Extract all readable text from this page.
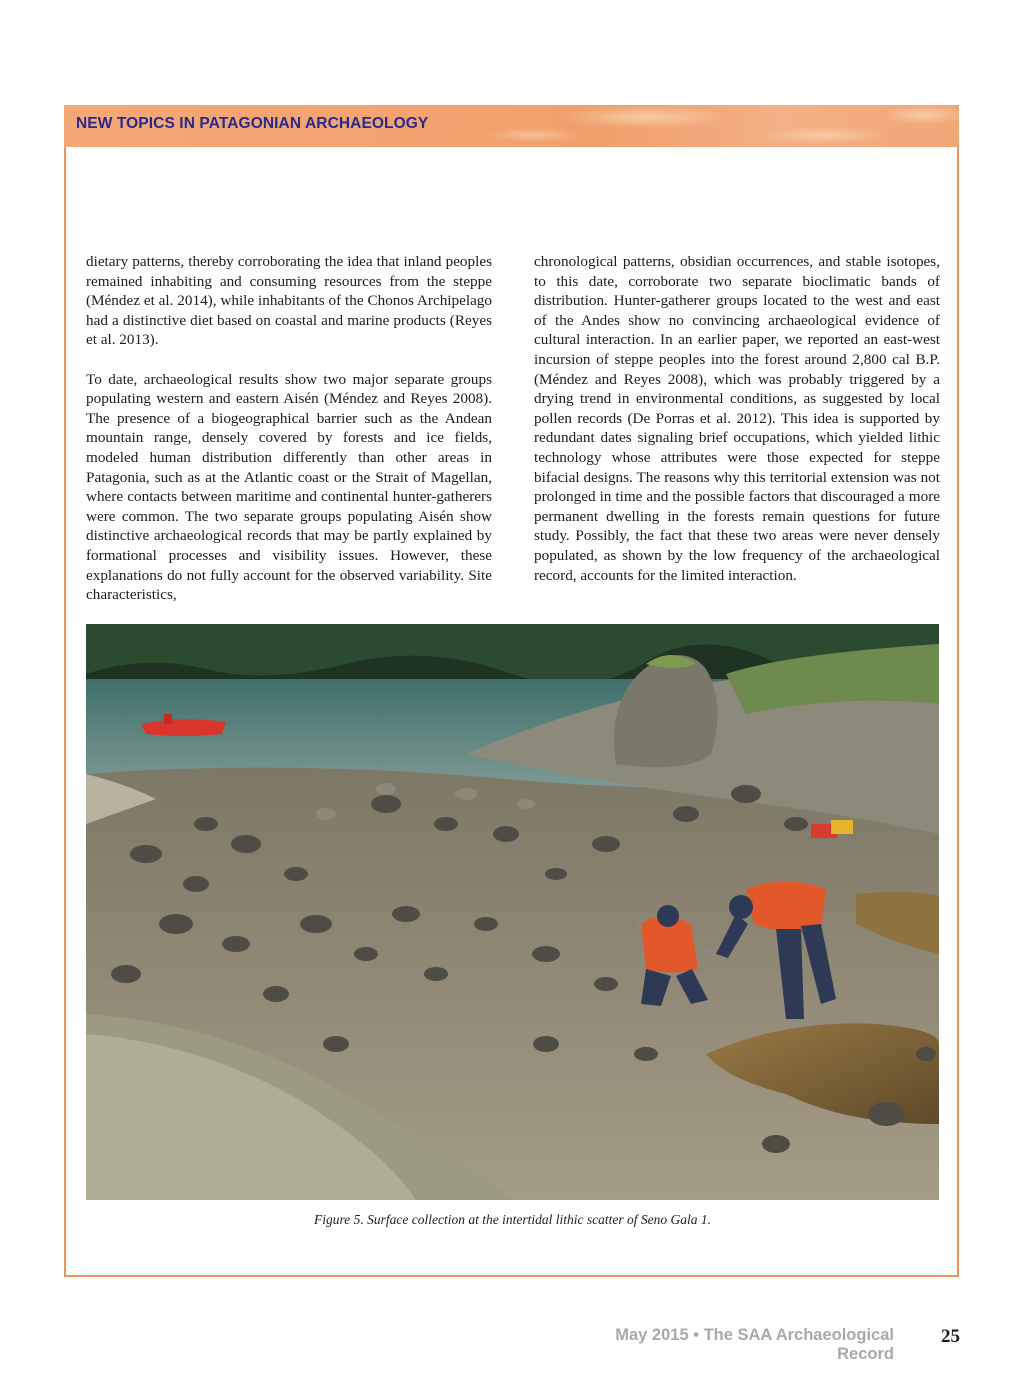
NEW TOPICS IN PATAGONIAN ARCHAEOLOGY

dietary patterns, thereby corroborating the idea that inland peoples remained inhabiting and consuming resources from the steppe (Méndez et al. 2014), while inhabitants of the Chonos Archipelago had a distinctive diet based on coastal and marine products (Reyes et al. 2013).

To date, archaeological results show two major separate groups populating western and eastern Aisén (Méndez and Reyes 2008). The presence of a biogeographical barrier such as the Andean mountain range, densely covered by forests and ice fields, modeled human distribution differently than other areas in Patagonia, such as at the Atlantic coast or the Strait of Magellan, where contacts between maritime and continental hunter-gatherers were common. The two separate groups populating Aisén show distinctive archaeological records that may be partly explained by formational processes and visibility issues. However, these explanations do not fully account for the observed variability. Site characteristics,

chronological patterns, obsidian occurrences, and stable isotopes, to this date, corroborate two separate bioclimatic bands of distribution. Hunter-gatherer groups located to the west and east of the Andes show no convincing archaeological evidence of cultural interaction. In an earlier paper, we reported an east-west incursion of steppe peoples into the forest around 2,800 cal B.P. (Méndez and Reyes 2008), which was probably triggered by a drying trend in environmental conditions, as suggested by local pollen records (De Porras et al. 2012). This idea is supported by redundant dates signaling brief occupations, which yielded lithic technology whose attributes were those expected for steppe bifacial designs. The reasons why this territorial extension was not prolonged in time and the possible factors that discouraged a more permanent dwelling in the forests remain questions for future study. Possibly, the fact that these two areas were never densely populated, as shown by the low frequency of the archaeological record, accounts for the limited interaction.

Figure 5. Surface collection at the intertidal lithic scatter of Seno Gala 1.

May 2015 • The SAA Archaeological Record

25
